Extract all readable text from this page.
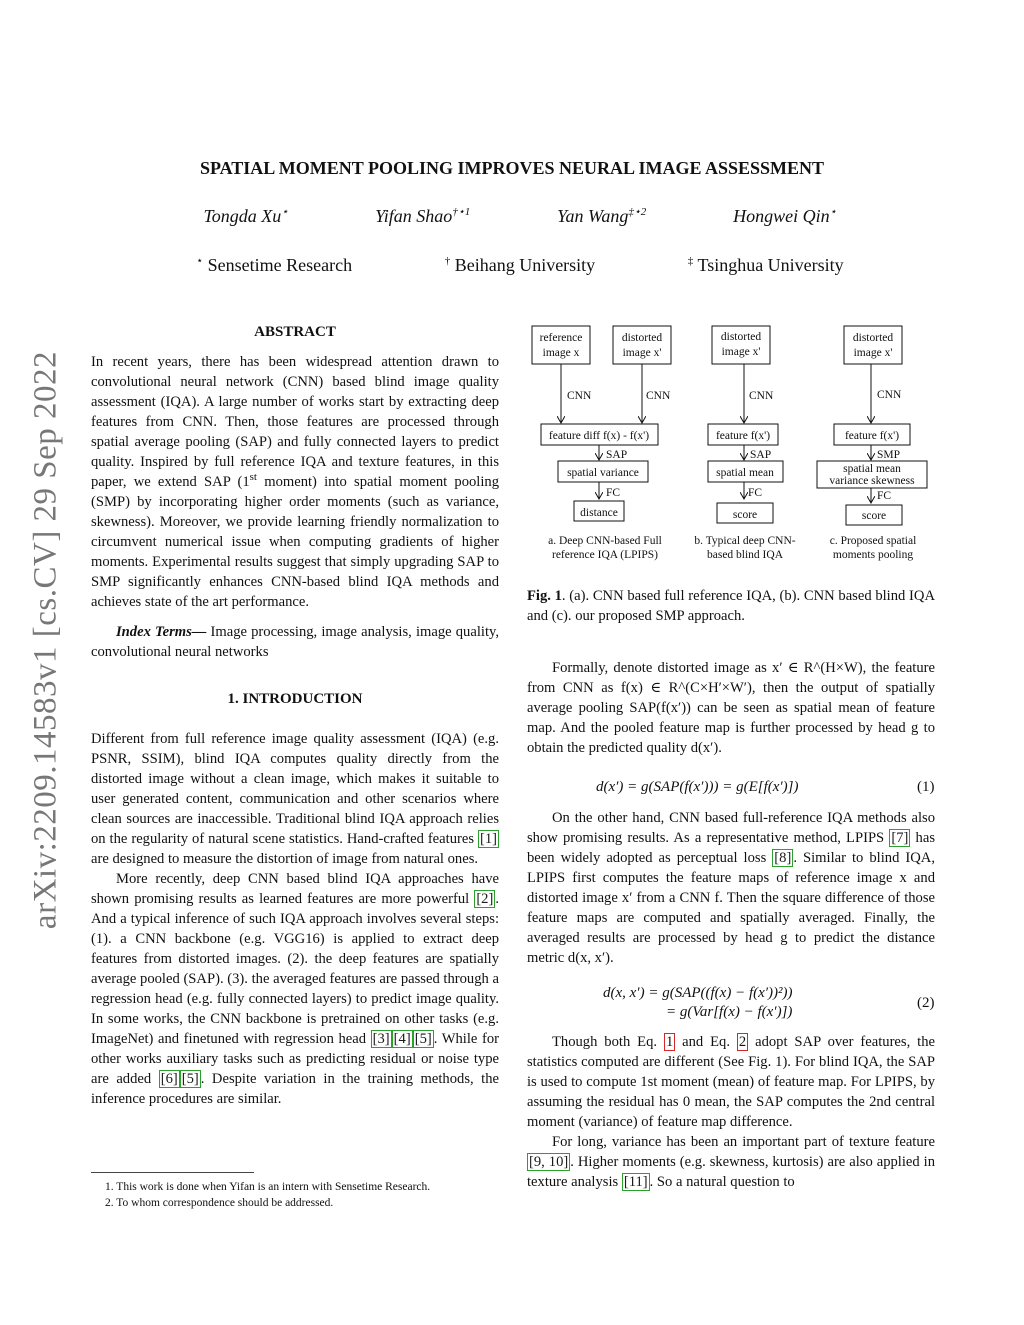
arXiv:2209.14583v1 [cs.CV] 29 Sep 2022
SPATIAL MOMENT POOLING IMPROVES NEURAL IMAGE ASSESSMENT
Tongda Xu⋆	Yifan Shao$^{\dagger⋆1}$	Yan Wang$^{\ddagger⋆2}$	Hongwei Qin⋆
⋆ Sensetime Research	† Beihang University	‡ Tsinghua University
ABSTRACT

In recent years, there has been widespread attention drawn to convolutional neural network (CNN) based blind image quality assessment (IQA). A large number of works start by extracting deep features from CNN. Then, those features are processed through spatial average pooling (SAP) and fully connected layers to predict quality. Inspired by full reference IQA and texture features, in this paper, we extend SAP (1st moment) into spatial moment pooling (SMP) by incorporating higher order moments (such as variance, skewness). Moreover, we provide learning friendly normalization to circumvent numerical issue when computing gradients of higher moments. Experimental results suggest that simply upgrading SAP to SMP significantly enhances CNN-based blind IQA methods and achieves state of the art performance.

Index Terms— Image processing, image analysis, image quality, convolutional neural networks

1. INTRODUCTION

Different from full reference image quality assessment (IQA) (e.g. PSNR, SSIM), blind IQA computes quality directly from the distorted image without a clean image, which makes it suitable to user generated content, communication and other scenarios where clean sources are inaccessible. Traditional blind IQA approach relies on the regularity of natural scene statistics. Hand-crafted features [1] are designed to measure the distortion of image from natural ones.

More recently, deep CNN based blind IQA approaches have shown promising results as learned features are more powerful [2] . And a typical inference of such IQA approach involves several steps: (1). a CNN backbone (e.g. VGG16) is applied to extract deep features from distorted images. (2). the deep features are spatially average pooled (SAP). (3). the averaged features are passed through a regression head (e.g. fully connected layers) to predict image quality. In some works, the CNN backbone is pretrained on other tasks (e.g. ImageNet) and finetuned with regression head [3] [4] [5] . While for other works auxiliary tasks such as predicting residual or noise type are added [6] [5] . Despite variation in the training methods, the inference procedures are similar.

1. This work is done when Yifan is an intern with Sensetime Research.
2. To whom correspondence should be addressed.
reference
image x
distorted
image x'
CNN	CNN
feature diff f(x) - f(x')
SAP
spatial variance
FC
distance
a. Deep CNN-based Full
reference IQA (LPIPS)
distorted
image x'
CNN
feature f(x')
SAP
spatial mean
FC
score
b. Typical deep CNN-
based blind IQA
distorted
image x'
CNN
feature f(x')
SMP
spatial mean
variance skewness
FC
score
c. Proposed spatial
moments pooling
Fig. 1. (a). CNN based full reference IQA, (b). CNN based blind IQA and (c). our proposed SMP approach.

Formally, denote distorted image as x′ ∈ R^(H×W), the feature from CNN as f(x) ∈ R^(C×H′×W′), then the output of spatially average pooling SAP(f(x′)) can be seen as spatial mean of feature map. And the pooled feature map is further processed by head g to obtain the predicted quality d(x′).

d(x′) = g(SAP(f(x′))) = g(E[f(x′)])	(1)

On the other hand, CNN based full-reference IQA methods also show promising results. As a representative method, LPIPS [7] has been widely adopted as perceptual loss [8] . Similar to blind IQA, LPIPS first computes the feature maps of reference image x and distorted image x′ from a CNN f. Then the square difference of those feature maps are computed and spatially averaged. Finally, the averaged results are processed by head g to predict the distance metric d(x, x′).

d(x, x′) = g(SAP((f(x) − f(x′))²))
= g(Var[f(x) − f(x′)])
(2)

Though both Eq. 1 and Eq. 2 adopt SAP over features, the statistics computed are different (See Fig. 1). For blind IQA, the SAP is used to compute 1st moment (mean) of feature map. For LPIPS, by assuming the residual has 0 mean, the SAP computes the 2nd central moment (variance) of feature map difference.

For long, variance has been an important part of texture feature [9, 10] . Higher moments (e.g. skewness, kurtosis) are also applied in texture analysis [11] . So a natural question to
